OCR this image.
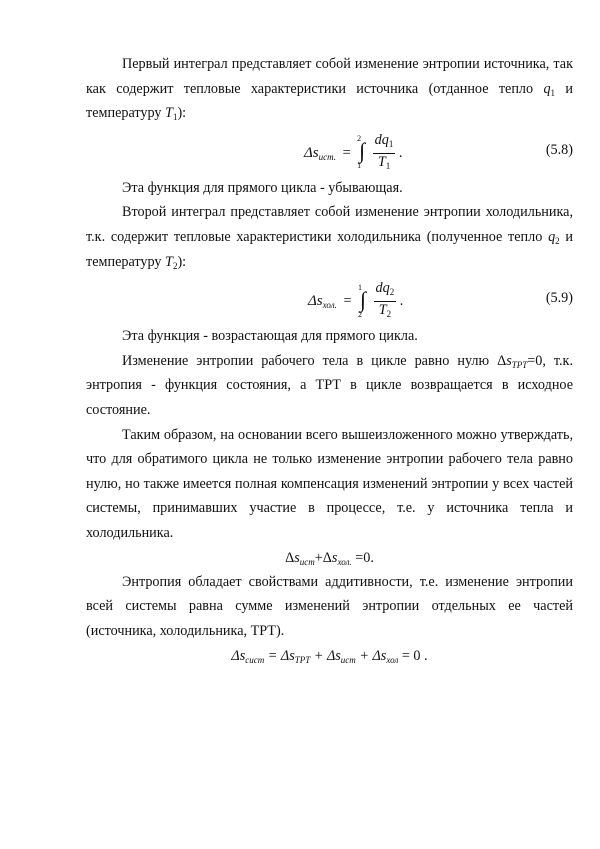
Первый интеграл представляет собой изменение энтропии источника, так

как содержит тепловые характеристики источника (отданное тепло $q_1$ и

температуру $T_1$):

$\Delta s_{ист.}$ =
2
∫
1
$\frac{dq_1}{T_1}$ .	(5.8)

Эта функция для прямого цикла - убывающая.

Второй интеграл представляет собой изменение энтропии холодильника,

т.к. содержит тепловые характеристики холодильника (полученное тепло $q_2$ и

температуру $T_2$):

$\Delta s_{хол.}$ =
1
∫
2
$\frac{dq_2}{T_2}$ .	(5.9)

Эта функция - возрастающая для прямого цикла.

Изменение энтропии рабочего тела в цикле равно нулю $\Delta s_{ТРТ}=0$, т.к.

энтропия - функция состояния, а ТРТ в цикле возвращается в исходное

состояние.

Таким образом, на основании всего вышеизложенного можно утверждать,

что для обратимого цикла не только изменение энтропии рабочего тела равно

нулю, но также имеется полная компенсация изменений энтропии у всех частей

системы, принимавших участие в процессе, т.е. у источника тепла и

холодильника.

$\Delta s_{ист}+\Delta s_{хол.} =0$.

Энтропия обладает свойствами аддитивности, т.е. изменение энтропии

всей системы равна сумме изменений энтропии отдельных ее частей

(источника, холодильника, ТРТ).

$\Delta s_{сист} = \Delta s_{ТРТ} + \Delta s_{ист} + \Delta s_{хол} = 0$ .
